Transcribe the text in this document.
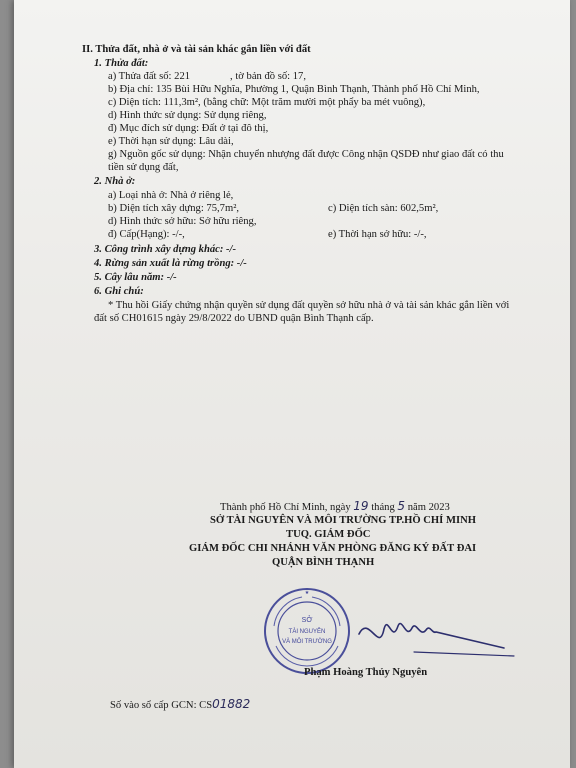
II. Thửa đất, nhà ở và tài sản khác gắn liền với đất
1. Thửa đất:
a) Thửa đất số: 221	, tờ bản đồ số: 17,
b) Địa chỉ: 135 Bùi Hữu Nghĩa, Phường 1, Quận Bình Thạnh, Thành phố Hồ Chí Minh,
c) Diện tích: 111,3m², (bằng chữ: Một trăm mười một phẩy ba mét vuông),
d) Hình thức sử dụng: Sử dụng riêng,
đ) Mục đích sử dụng: Đất ở tại đô thị,
e) Thời hạn sử dụng: Lâu dài,
g) Nguồn gốc sử dụng: Nhận chuyển nhượng đất được Công nhận QSDĐ như giao đất có thu
tiền sử dụng đất,
2. Nhà ở:
a) Loại nhà ở: Nhà ở riêng lẻ,
b) Diện tích xây dựng: 75,7m²,	c) Diện tích sàn: 602,5m²,
d) Hình thức sở hữu: Sở hữu riêng,
đ) Cấp(Hạng): -/-,	e) Thời hạn sở hữu: -/-,
3. Công trình xây dựng khác: -/-
4. Rừng sản xuất là rừng trồng: -/-
5. Cây lâu năm: -/-
6. Ghi chú:
* Thu hồi Giấy chứng nhận quyền sử dụng đất quyền sở hữu nhà ở và tài sản khác gắn liền với
đất số CH01615 ngày 29/8/2022 do UBND quận Bình Thạnh cấp.
Thành phố Hồ Chí Minh, ngày 19 tháng 5 năm 2023
SỞ TÀI NGUYÊN VÀ MÔI TRƯỜNG TP.HỒ CHÍ MINH
TUQ. GIÁM ĐỐC
GIÁM ĐỐC CHI NHÁNH VĂN PHÒNG ĐĂNG KÝ ĐẤT ĐAI
QUẬN BÌNH THẠNH
SỞ
TÀI NGUYÊN
VÀ MÔI TRƯỜNG
★
Phạm Hoàng Thủy Nguyên
Số vào sổ cấp GCN: CS01882
